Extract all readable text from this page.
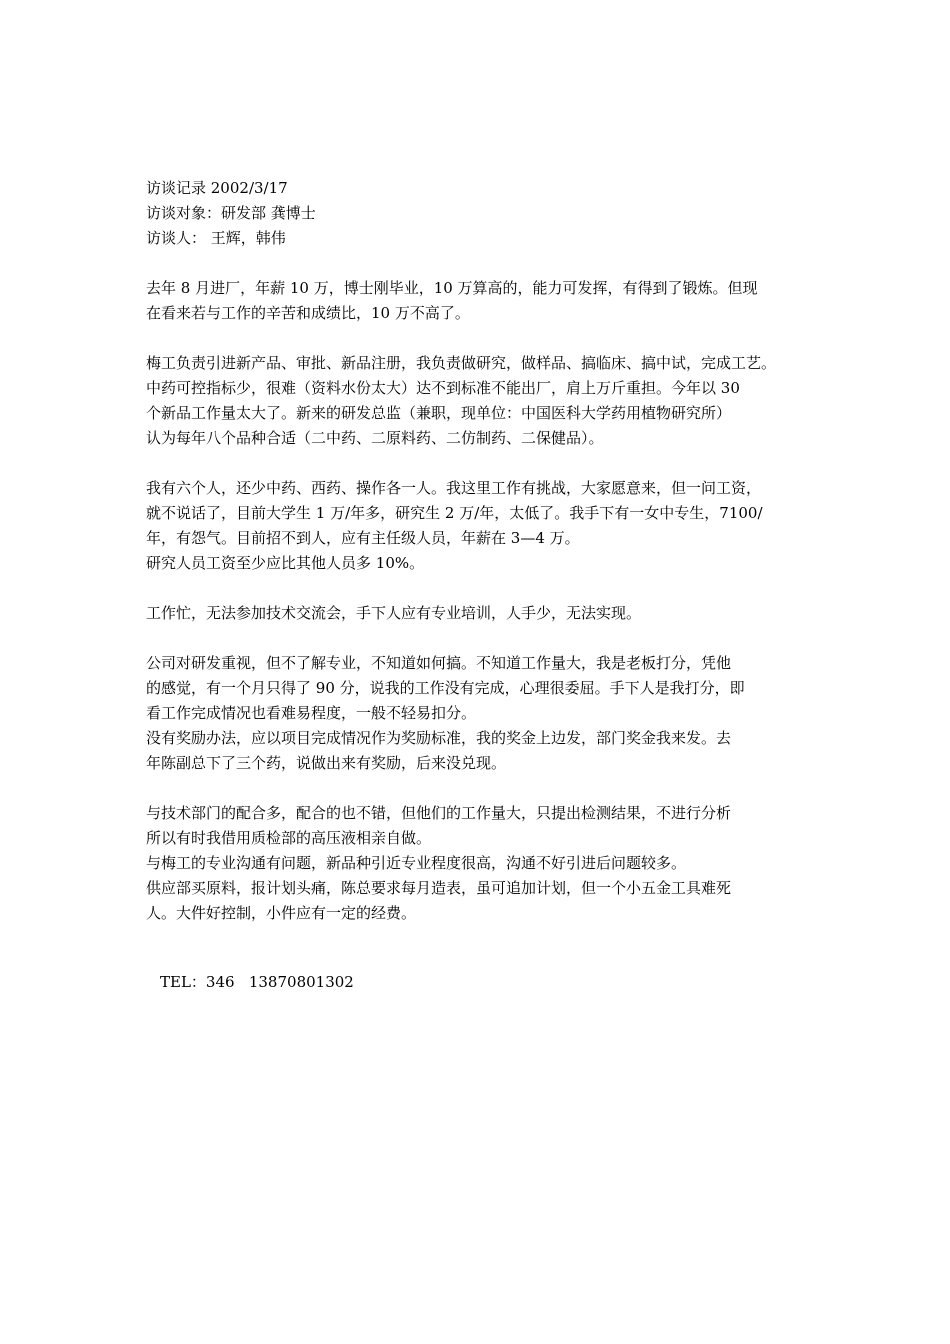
访谈记录 2002/3/17
访谈对象：研发部 龚博士
访谈人： 王辉，韩伟

去年 8 月进厂，年薪 10 万，博士刚毕业，10 万算高的，能力可发挥，有得到了锻炼。但现

在看来若与工作的辛苦和成绩比，10 万不高了。

梅工负责引进新产品、审批、新品注册，我负责做研究，做样品、搞临床、搞中试，完成工艺。

中药可控指标少，很难（资料水份太大）达不到标准不能出厂，肩上万斤重担。今年以 30

个新品工作量太大了。新来的研发总监（兼职，现单位：中国医科大学药用植物研究所）

认为每年八个品种合适（二中药、二原料药、二仿制药、二保健品）。

我有六个人，还少中药、西药、操作各一人。我这里工作有挑战，大家愿意来，但一问工资，

就不说话了，目前大学生 1 万/年多，研究生 2 万/年，太低了。我手下有一女中专生，7100/

年，有怨气。目前招不到人，应有主任级人员，年薪在 3—4 万。

研究人员工资至少应比其他人员多 10%。

工作忙，无法参加技术交流会，手下人应有专业培训，人手少，无法实现。

公司对研发重视，但不了解专业，不知道如何搞。不知道工作量大，我是老板打分，凭他

的感觉，有一个月只得了 90 分，说我的工作没有完成，心理很委屈。手下人是我打分，即

看工作完成情况也看难易程度，一般不轻易扣分。

没有奖励办法，应以项目完成情况作为奖励标准，我的奖金上边发，部门奖金我来发。去

年陈副总下了三个药，说做出来有奖励，后来没兑现。

与技术部门的配合多，配合的也不错，但他们的工作量大，只提出检测结果，不进行分析

所以有时我借用质检部的高压液相亲自做。

与梅工的专业沟通有问题，新品种引近专业程度很高，沟通不好引进后问题较多。

供应部买原料，报计划头痛，陈总要求每月造表，虽可追加计划，但一个小五金工具难死

人。大件好控制，小件应有一定的经费。

TEL：346   13870801302
